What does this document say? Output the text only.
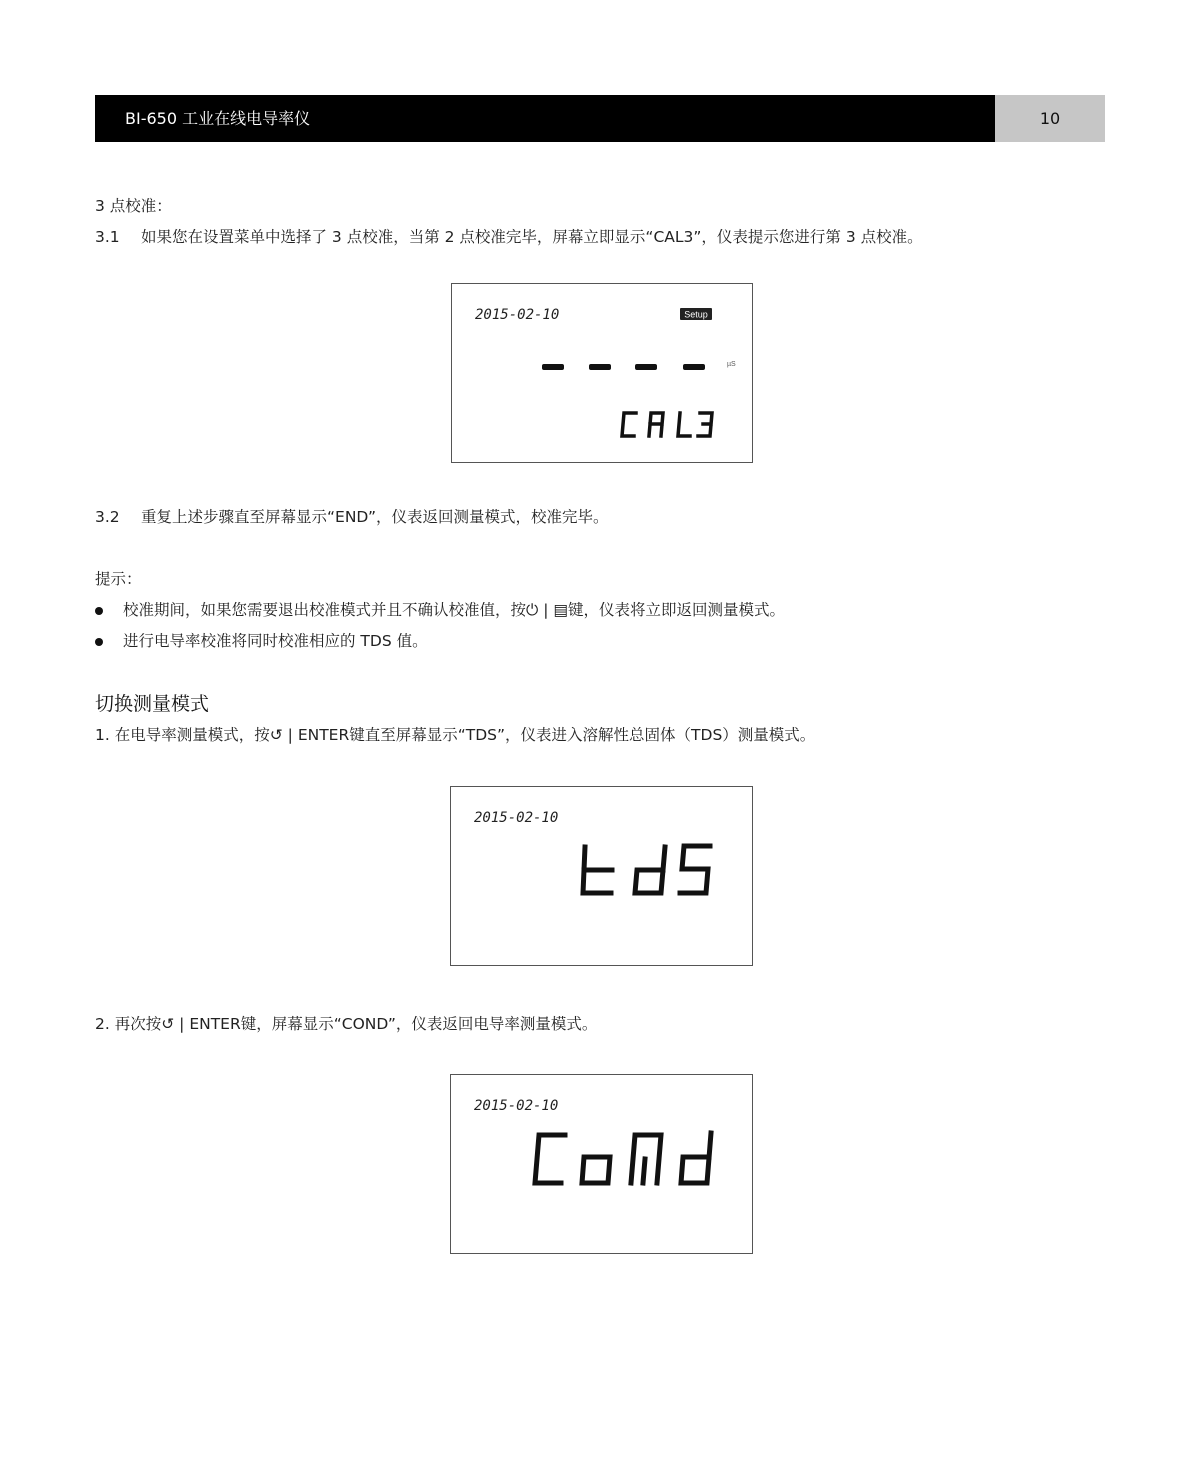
BI-650 工业在线电导率仪	10
3 点校准：
3.1 如果您在设置菜单中选择了 3 点校准，当第 2 点校准完毕，屏幕立即显示“CAL3”，仪表提示您进行第 3 点校准。
2015-02-10	Setup
µS
3.2 重复上述步骤直至屏幕显示“END”，仪表返回测量模式，校准完毕。
提示：
校准期间，如果您需要退出校准模式并且不确认校准值，按⏻ | ▤键，仪表将立即返回测量模式。
进行电导率校准将同时校准相应的 TDS 值。
切换测量模式
1. 在电导率测量模式，按↺ | ENTER键直至屏幕显示“TDS”，仪表进入溶解性总固体（TDS）测量模式。
2015-02-10
2. 再次按↺ | ENTER键，屏幕显示“COND”，仪表返回电导率测量模式。
2015-02-10
